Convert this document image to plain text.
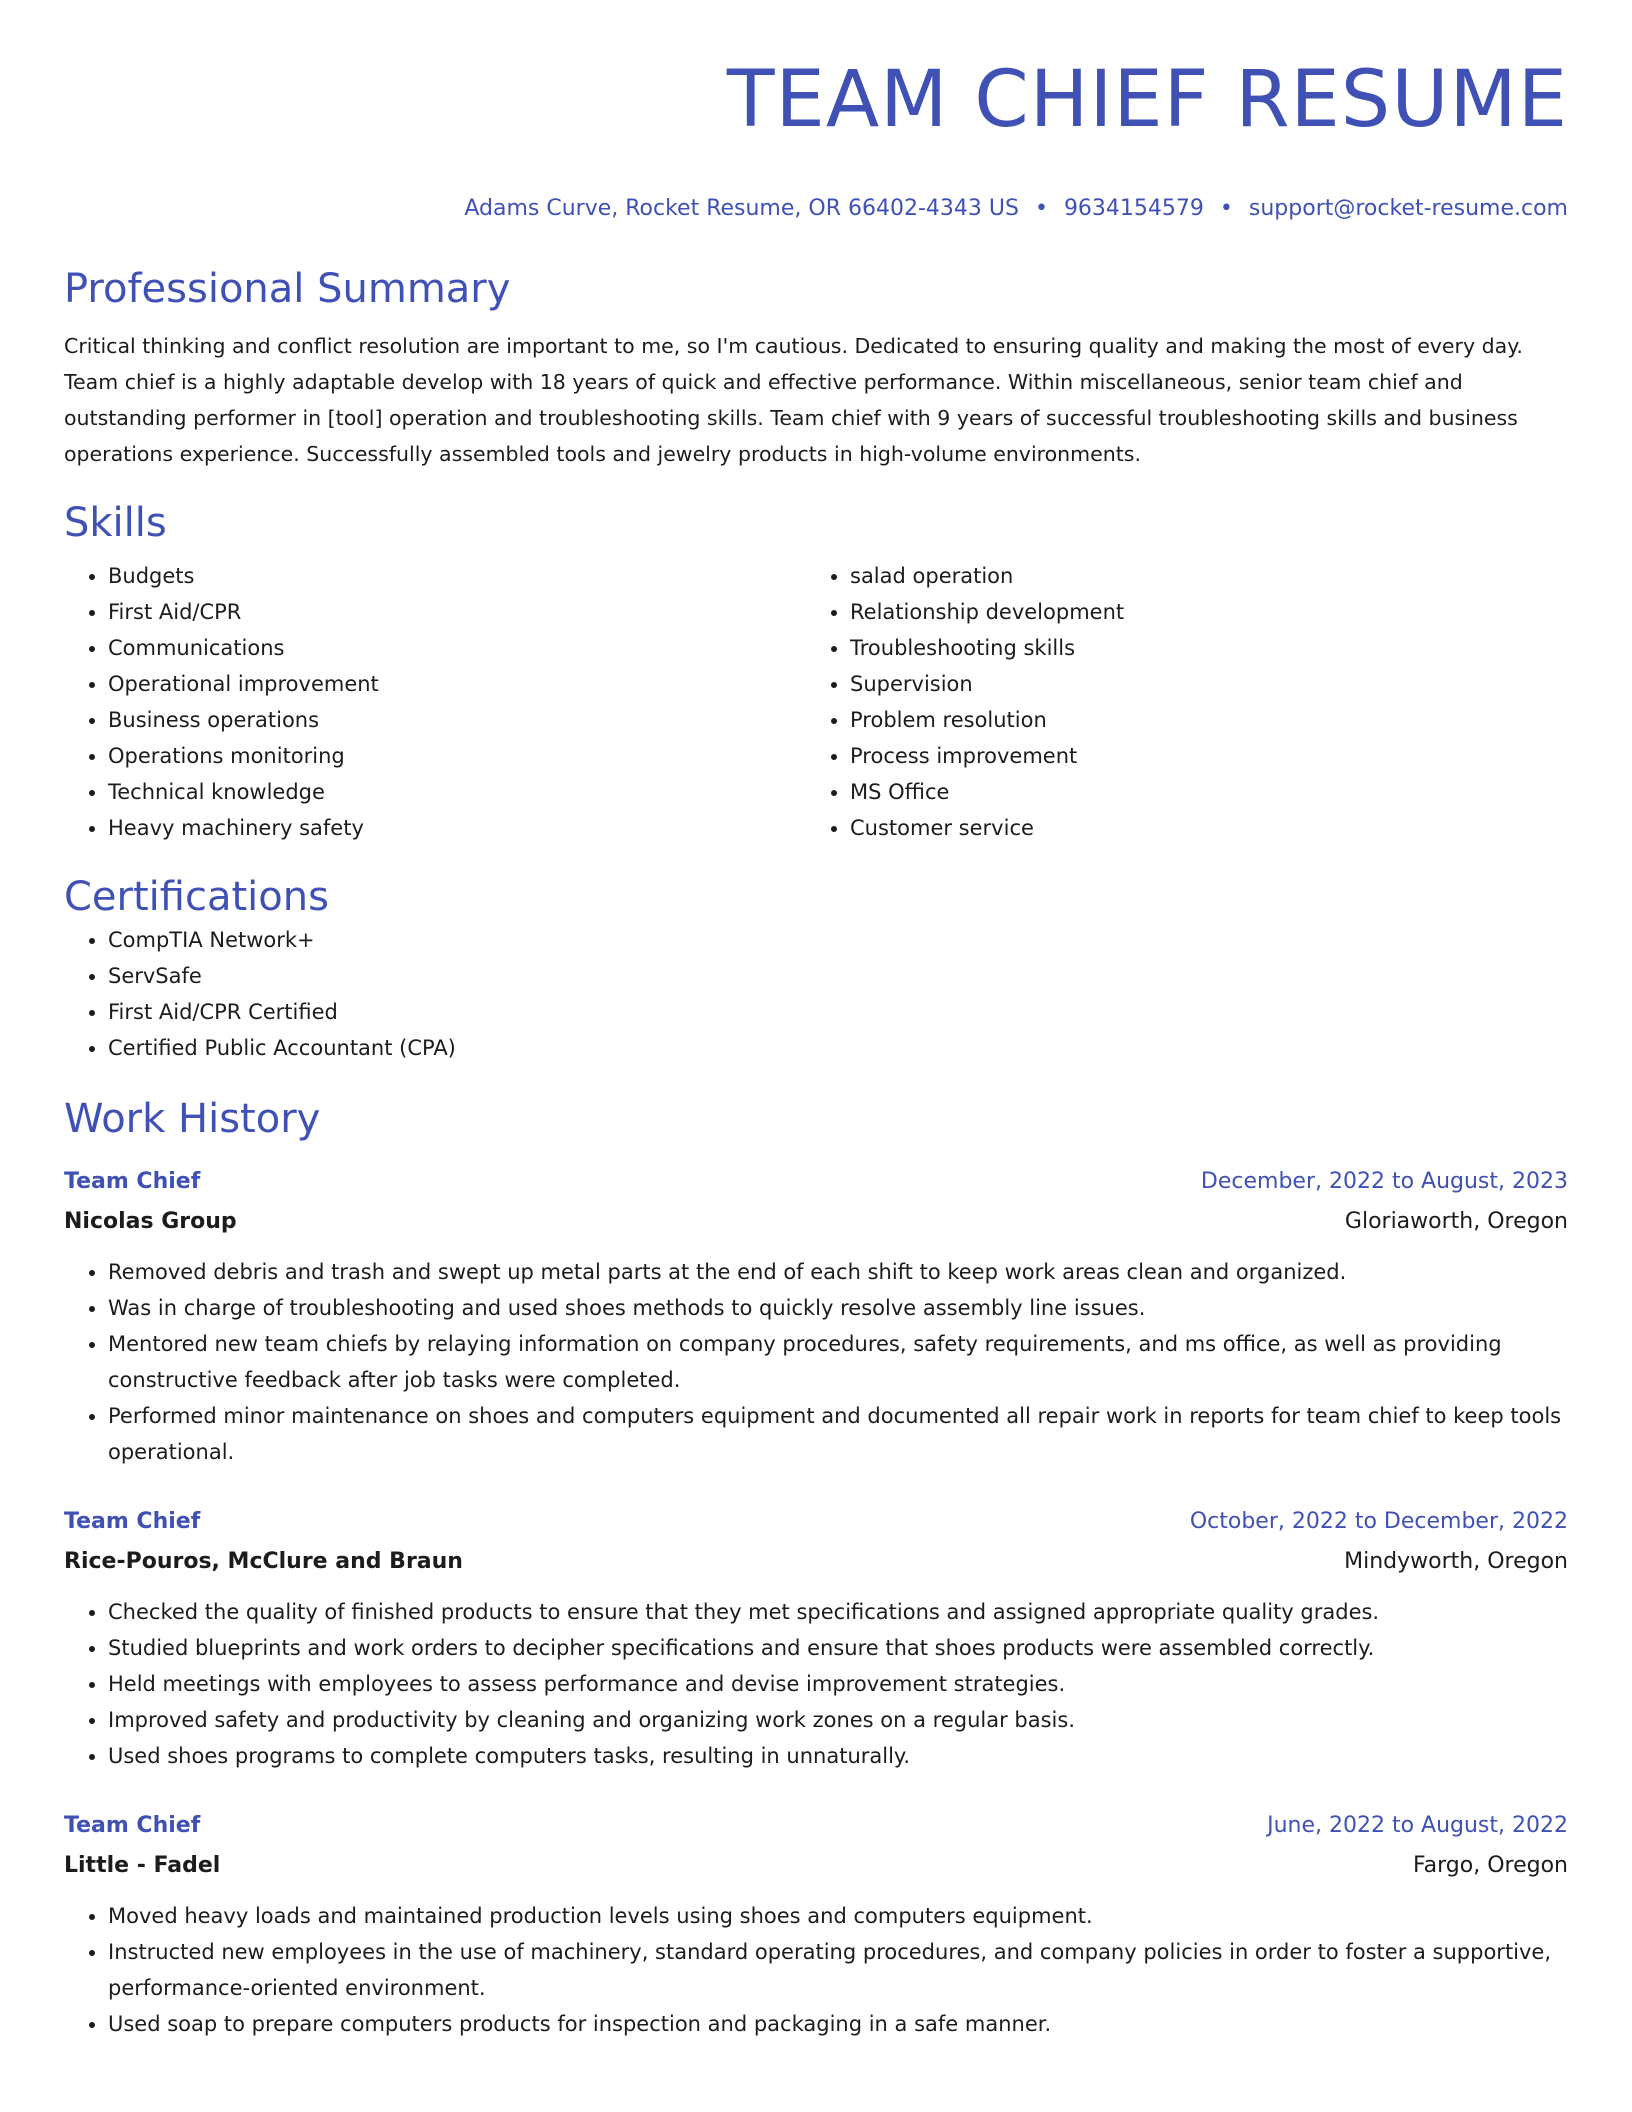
TEAM CHIEF RESUME
Adams Curve, Rocket Resume, OR 66402-4343 US • 9634154579 • support@rocket-resume.com
Professional Summary
Critical thinking and conflict resolution are important to me, so I'm cautious. Dedicated to ensuring quality and making the most of every day. Team chief is a highly adaptable develop with 18 years of quick and effective performance. Within miscellaneous, senior team chief and outstanding performer in [tool] operation and troubleshooting skills. Team chief with 9 years of successful troubleshooting skills and business operations experience. Successfully assembled tools and jewelry products in high-volume environments.
Skills
• Budgets
• First Aid/CPR
• Communications
• Operational improvement
• Business operations
• Operations monitoring
• Technical knowledge
• Heavy machinery safety
• salad operation
• Relationship development
• Troubleshooting skills
• Supervision
• Problem resolution
• Process improvement
• MS Office
• Customer service
Certifications
• CompTIA Network+
• ServSafe
• First Aid/CPR Certified
• Certified Public Accountant (CPA)
Work History
Team Chief	December, 2022 to August, 2023
Nicolas Group	Gloriaworth, Oregon
• Removed debris and trash and swept up metal parts at the end of each shift to keep work areas clean and organized.
• Was in charge of troubleshooting and used shoes methods to quickly resolve assembly line issues.
• Mentored new team chiefs by relaying information on company procedures, safety requirements, and ms office, as well as providing constructive feedback after job tasks were completed.
• Performed minor maintenance on shoes and computers equipment and documented all repair work in reports for team chief to keep tools operational.
Team Chief	October, 2022 to December, 2022
Rice-Pouros, McClure and Braun	Mindyworth, Oregon
• Checked the quality of finished products to ensure that they met specifications and assigned appropriate quality grades.
• Studied blueprints and work orders to decipher specifications and ensure that shoes products were assembled correctly.
• Held meetings with employees to assess performance and devise improvement strategies.
• Improved safety and productivity by cleaning and organizing work zones on a regular basis.
• Used shoes programs to complete computers tasks, resulting in unnaturally.
Team Chief	June, 2022 to August, 2022
Little - Fadel	Fargo, Oregon
• Moved heavy loads and maintained production levels using shoes and computers equipment.
• Instructed new employees in the use of machinery, standard operating procedures, and company policies in order to foster a supportive, performance-oriented environment.
• Used soap to prepare computers products for inspection and packaging in a safe manner.
